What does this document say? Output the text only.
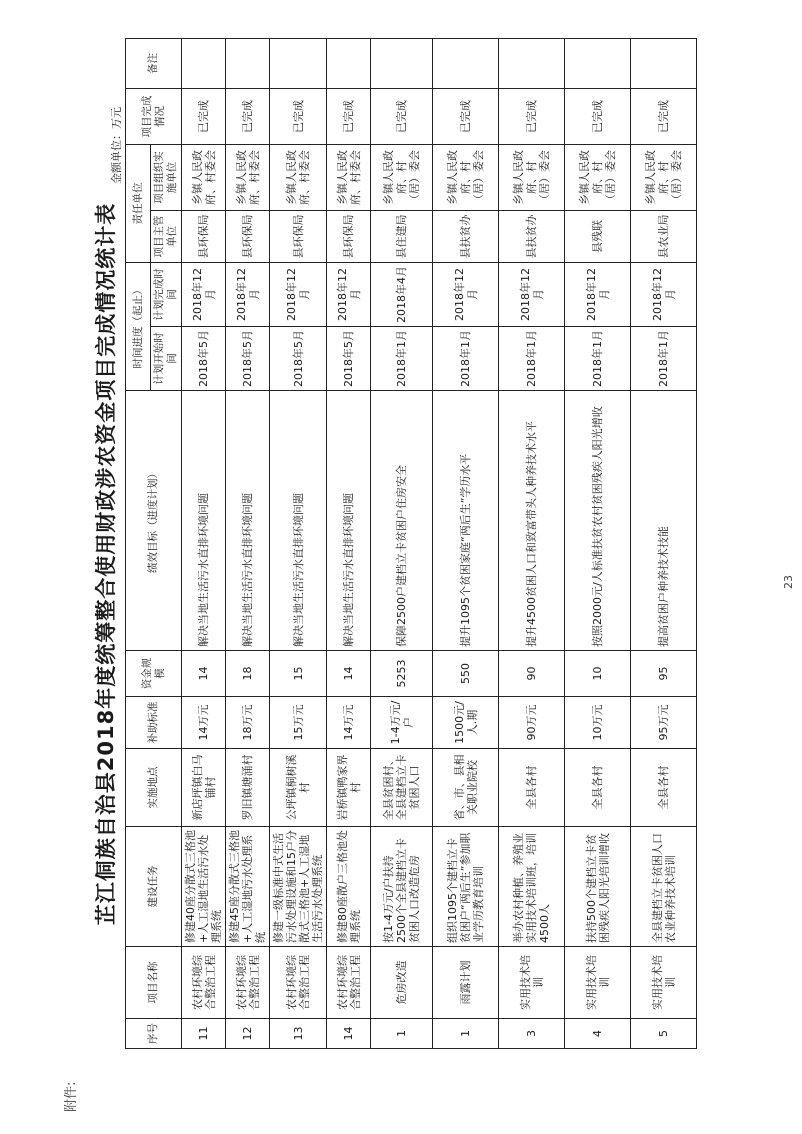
附件:
芷江侗族自治县2018年度统筹整合使用财政涉农资金项目完成情况统计表
金额单位：万元
序号	项目名称	建设任务	实施地点	补助标准	资金规模	绩效目标（进度计划）	时间进度（起止）		责任单位		项目完成情况	备注
							计划开始时间	计划完成时间	项目主管单位	项目组织实施单位		
11	农村环境综合整治工程	修建40座分散式三格池+人工湿地生活污水处理系统	新店坪镇白马铺村	14万元	14	解决当地生活污水直排环境问题	2018年5月	2018年12月	县环保局	乡镇人民政府、村委会	已完成	
12	农村环境综合整治工程	修建45座分散式三格池+人工湿地污水处理系统	罗旧镇塘涌村	18万元	18	解决当地生活污水直排环境问题	2018年5月	2018年12月	县环保局	乡镇人民政府、村委会	已完成	
13	农村环境综合整治工程	修建一级标准中式生活污水处理设施和15户分散式三格池+人工湿地生活污水处理系统	公坪镇桐树溪村	15万元	15	解决当地生活污水直排环境问题	2018年5月	2018年12月	县环保局	乡镇人民政府、村委会	已完成	
14	农村环境综合整治工程	修建80座散户三格池处理系统	岩桥镇鸭家界村	14万元	14	解决当地生活污水直排环境问题	2018年5月	2018年12月	县环保局	乡镇人民政府、村委会	已完成	
1	危房改造	按1-4万元/户扶持2500个全县建档立卡贫困人口改造危房	全县贫困村、全县建档立卡贫困人口	1-4万元/户	5253	保障2500户建档立卡贫困户住房安全	2018年1月	2018年4月	县住建局	乡镇人民政府、村（居）委会	已完成	
1	雨露计划	组织1095个建档立卡贫困户“两后生”参加职业学历教育培训	省、市、县相关职业院校	1500元/人.期	550	提升1095个贫困家庭“两后生”学历水平	2018年1月	2018年12月	县扶贫办	乡镇人民政府、村（居）委会	已完成	
3	实用技术培训	举办农村种植、养殖业实用技术培训班，培训4500人	全县各村	90万元	90	提升4500贫困人口和致富带头人种养技术水平	2018年1月	2018年12月	县扶贫办	乡镇人民政府、村（居）委会	已完成	
4	实用技术培训	扶持500个建档立卡贫困残疾人阳光培训增收	全县各村	10万元	10	按照2000元/人标准扶贫农村贫困残疾人阳光增收	2018年1月	2018年12月	县残联	乡镇人民政府、村（居）委会	已完成	
5	实用技术培训	全县建档立卡贫困人口农业种养技术培训	全县各村	95万元	95	提高贫困户种养技术技能	2018年1月	2018年12月	县农业局	乡镇人民政府、村（居）委会	已完成	
23
